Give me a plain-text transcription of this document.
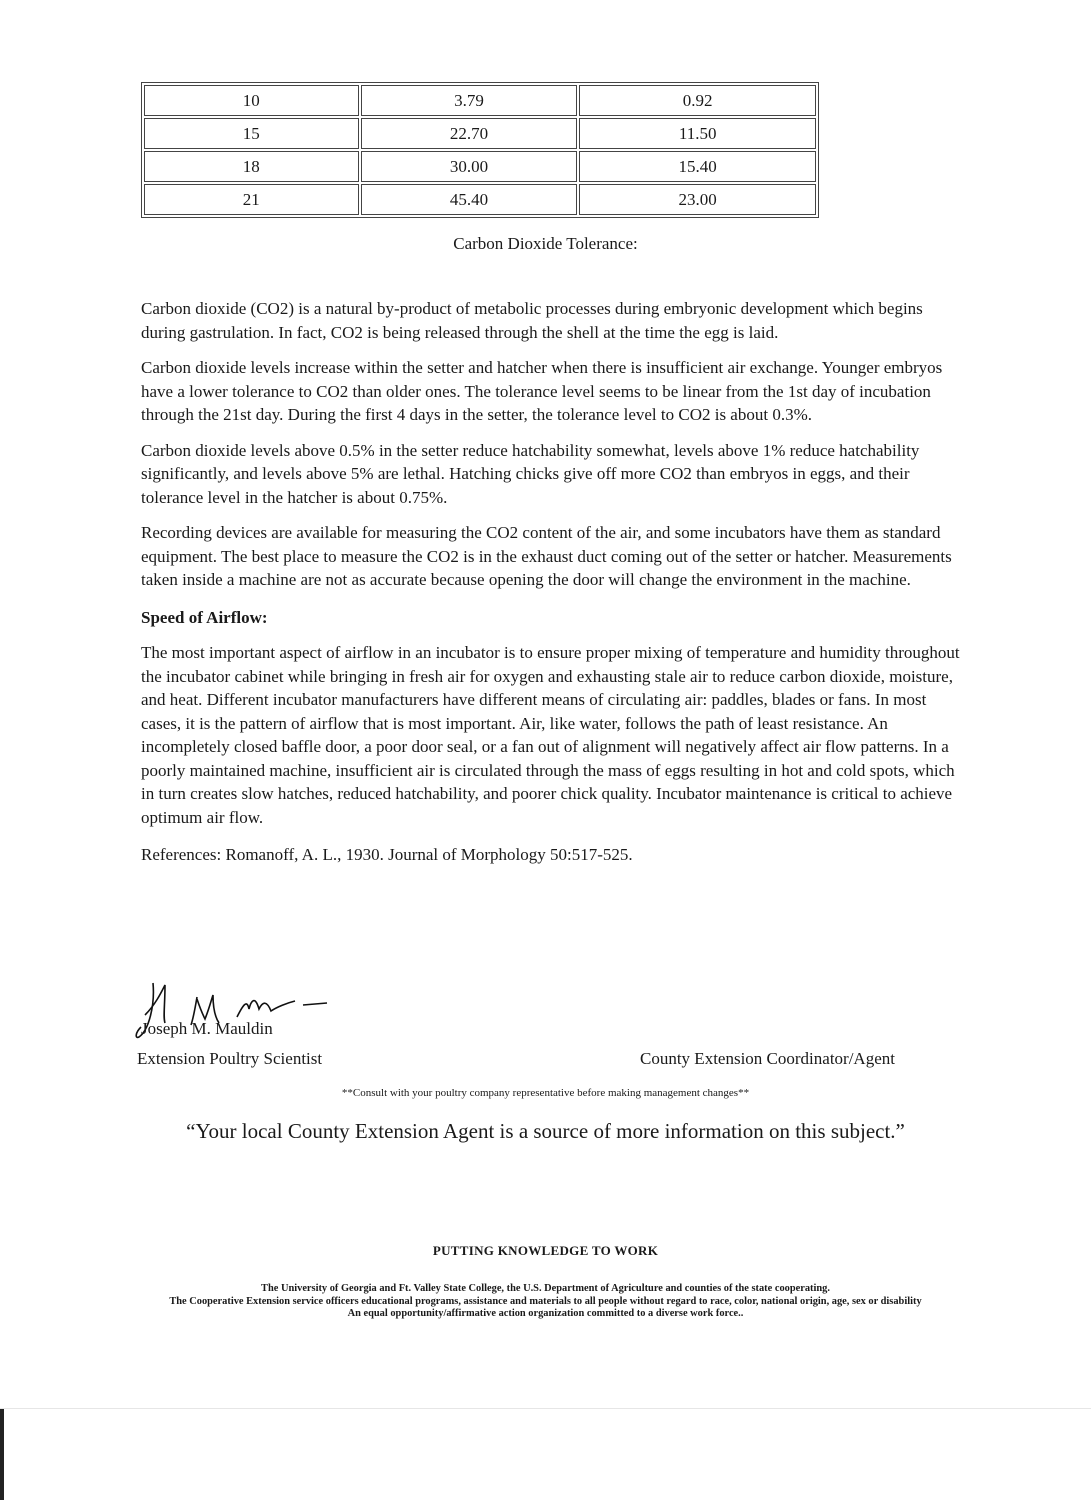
10	3.79	0.92
15	22.70	11.50
18	30.00	15.40
21	45.40	23.00
Carbon Dioxide Tolerance:

Carbon dioxide (CO2) is a natural by-product of metabolic processes during embryonic development which begins during gastrulation. In fact, CO2 is being released through the shell at the time the egg is laid.

Carbon dioxide levels increase within the setter and hatcher when there is insufficient air exchange. Younger embryos have a lower tolerance to CO2 than older ones. The tolerance level seems to be linear from the 1st day of incubation through the 21st day. During the first 4 days in the setter, the tolerance level to CO2 is about 0.3%.

Carbon dioxide levels above 0.5% in the setter reduce hatchability somewhat, levels above 1% reduce hatchability significantly, and levels above 5% are lethal. Hatching chicks give off more CO2 than embryos in eggs, and their tolerance level in the hatcher is about 0.75%.

Recording devices are available for measuring the CO2 content of the air, and some incubators have them as standard equipment. The best place to measure the CO2 is in the exhaust duct coming out of the setter or hatcher. Measurements taken inside a machine are not as accurate because opening the door will change the environment in the machine.

Speed of Airflow:

The most important aspect of airflow in an incubator is to ensure proper mixing of temperature and humidity throughout the incubator cabinet while bringing in fresh air for oxygen and exhausting stale air to reduce carbon dioxide, moisture, and heat. Different incubator manufacturers have different means of circulating air: paddles, blades or fans. In most cases, it is the pattern of airflow that is most important. Air, like water, follows the path of least resistance. An incompletely closed baffle door, a poor door seal, or a fan out of alignment will negatively affect air flow patterns. In a poorly maintained machine, insufficient air is circulated through the mass of eggs resulting in hot and cold spots, which in turn creates slow hatches, reduced hatchability, and poorer chick quality. Incubator maintenance is critical to achieve optimum air flow.

References: Romanoff, A. L., 1930. Journal of Morphology 50:517-525.

Joseph M. Mauldin
Extension Poultry Scientist	County Extension Coordinator/Agent
**Consult with your poultry company representative before making management changes**
“Your local County Extension Agent is a source of more information on this subject.”
PUTTING KNOWLEDGE TO WORK
The University of Georgia and Ft. Valley State College, the U.S. Department of Agriculture and counties of the state cooperating.
The Cooperative Extension service officers educational programs, assistance and materials to all people without regard to race, color, national origin, age, sex or disability
An equal opportunity/affirmative action organization committed to a diverse work force..
